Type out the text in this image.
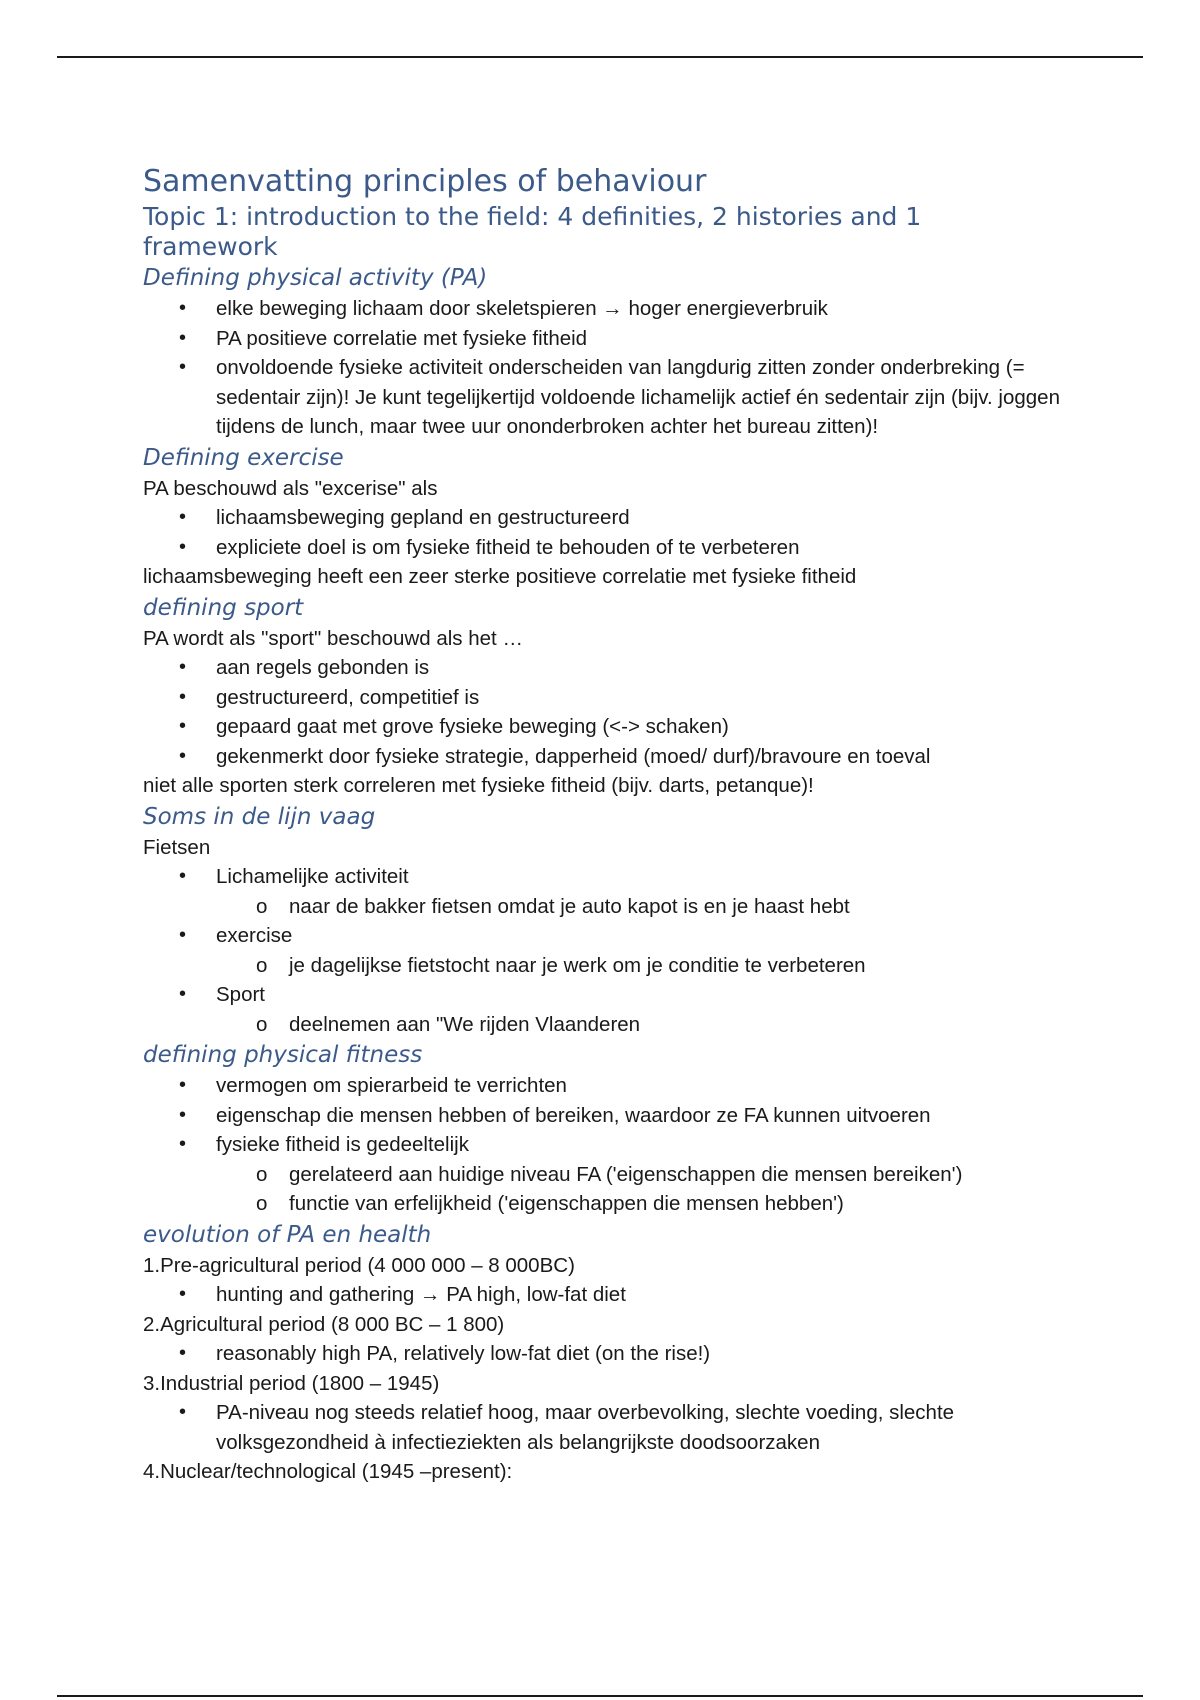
Samenvatting principles of behaviour
Topic 1: introduction to the field: 4 definities, 2 histories and 1 framework
Defining physical activity (PA)
• elke beweging lichaam door skeletspieren → hoger energieverbruik
• PA positieve correlatie met fysieke fitheid
• onvoldoende fysieke activiteit onderscheiden van langdurig zitten zonder onderbreking (= sedentair zijn)! Je kunt tegelijkertijd voldoende lichamelijk actief én sedentair zijn (bijv. joggen tijdens de lunch, maar twee uur ononderbroken achter het bureau zitten)!
Defining exercise

PA beschouwd als "excerise" als

• lichaamsbeweging gepland en gestructureerd
• expliciete doel is om fysieke fitheid te behouden of te verbeteren

lichaamsbeweging heeft een zeer sterke positieve correlatie met fysieke fitheid

defining sport

PA wordt als "sport" beschouwd als het …

• aan regels gebonden is
• gestructureerd, competitief is
• gepaard gaat met grove fysieke beweging (<-> schaken)
• gekenmerkt door fysieke strategie, dapperheid (moed/ durf)/bravoure en toeval

niet alle sporten sterk correleren met fysieke fitheid (bijv. darts, petanque)!

Soms in de lijn vaag

Fietsen

• Lichamelijke activiteit
o naar de bakker fietsen omdat je auto kapot is en je haast hebt
• exercise
o je dagelijkse fietstocht naar je werk om je conditie te verbeteren
• Sport
o deelnemen aan "We rijden Vlaanderen
defining physical fitness
• vermogen om spierarbeid te verrichten
• eigenschap die mensen hebben of bereiken, waardoor ze FA kunnen uitvoeren
• fysieke fitheid is gedeeltelijk
o gerelateerd aan huidige niveau FA ('eigenschappen die mensen bereiken')
o functie van erfelijkheid ('eigenschappen die mensen hebben')
evolution of PA en health

1.Pre-agricultural period (4 000 000 – 8 000BC)

• hunting and gathering → PA high, low-fat diet

2.Agricultural period (8 000 BC – 1 800)

• reasonably high PA, relatively low-fat diet (on the rise!)

3.Industrial period (1800 – 1945)

• PA-niveau nog steeds relatief hoog, maar overbevolking, slechte voeding, slechte volksgezondheid à infectieziekten als belangrijkste doodsoorzaken

4.Nuclear/technological (1945 –present):
